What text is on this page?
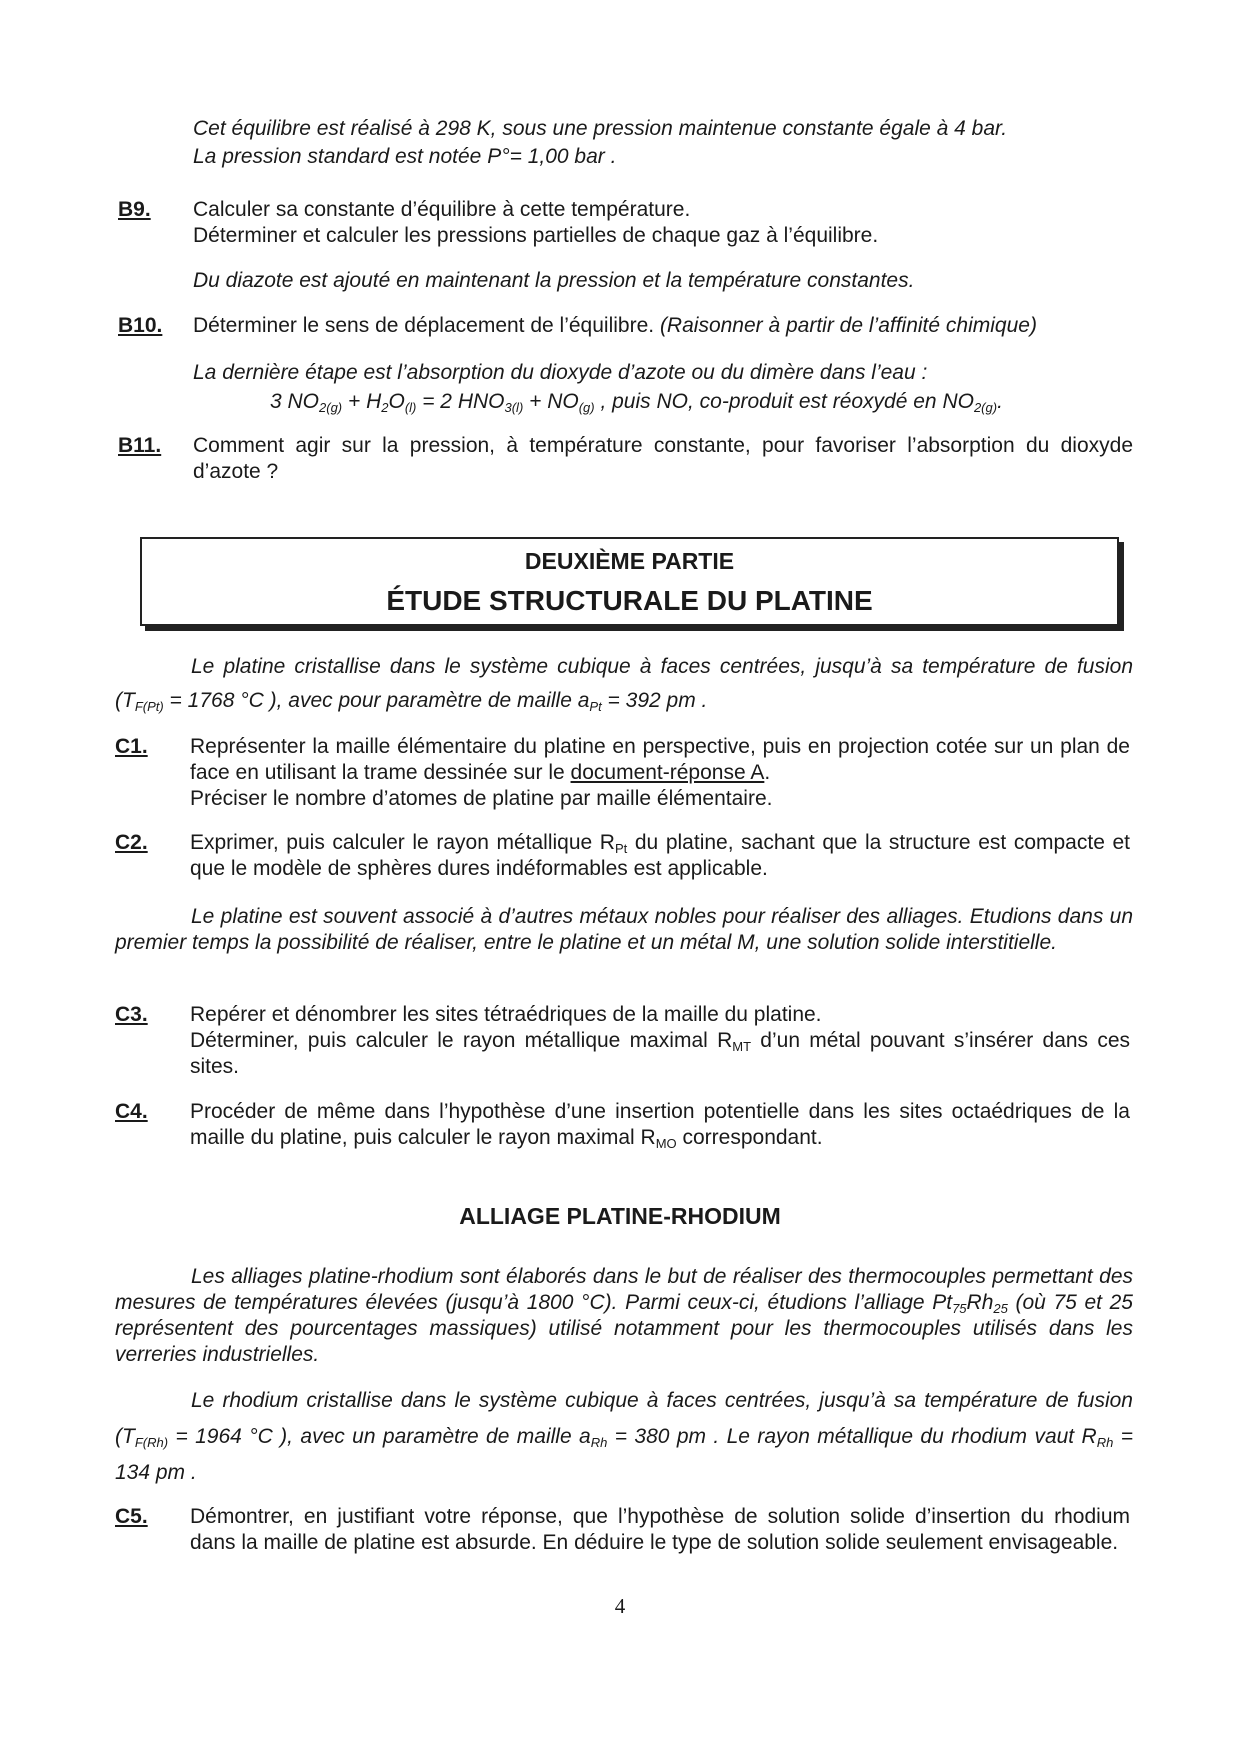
Cet équilibre est réalisé à 298 K, sous une pression maintenue constante égale à 4 bar.
La pression standard est notée P°= 1,00 bar .
B9. Calculer sa constante d’équilibre à cette température.

Déterminer et calculer les pressions partielles de chaque gaz à l’équilibre.

Du diazote est ajouté en maintenant la pression et la température constantes.
B10. Déterminer le sens de déplacement de l’équilibre. (Raisonner à partir de l’affinité chimique)
La dernière étape est l’absorption du dioxyde d’azote ou du dimère dans l’eau :
3 $NO_{2(g)} + H_2O_{(l)} = 2$ $HNO_{3(l)} + NO_{(g)}$ , puis NO, co-produit est réoxydé en $NO_{2(g)}$.
B11. Comment agir sur la pression, à température constante, pour favoriser l’absorption du dioxyde d’azote ?
DEUXIÈME PARTIE
ÉTUDE STRUCTURALE DU PLATINE

Le platine cristallise dans le système cubique à faces centrées, jusqu’à sa température de fusion ($T_{F(Pt)} = 1768$ °C ), avec pour paramètre de maille $a_{Pt} = 392$ pm .

C1. Représenter la maille élémentaire du platine en perspective, puis en projection cotée sur un plan de face en utilisant la trame dessinée sur le document-réponse A.

Préciser le nombre d’atomes de platine par maille élémentaire.

C2. Exprimer, puis calculer le rayon métallique $R_{Pt}$ du platine, sachant que la structure est compacte et que le modèle de sphères dures indéformables est applicable.

Le platine est souvent associé à d’autres métaux nobles pour réaliser des alliages. Etudions dans un premier temps la possibilité de réaliser, entre le platine et un métal M, une solution solide interstitielle.

C3. Repérer et dénombrer les sites tétraédriques de la maille du platine.

Déterminer, puis calculer le rayon métallique maximal $R_{MT}$ d’un métal pouvant s’insérer dans ces sites.

C4. Procéder de même dans l’hypothèse d’une insertion potentielle dans les sites octaédriques de la maille du platine, puis calculer le rayon maximal $R_{MO}$ correspondant.

ALLIAGE PLATINE-RHODIUM

Les alliages platine-rhodium sont élaborés dans le but de réaliser des thermocouples permettant des mesures de températures élevées (jusqu’à 1800 °C). Parmi ceux-ci, étudions l’alliage $Pt_{75}Rh_{25}$ (où 75 et 25 représentent des pourcentages massiques) utilisé notamment pour les thermocouples utilisés dans les verreries industrielles.

Le rhodium cristallise dans le système cubique à faces centrées, jusqu’à sa température de fusion ($T_{F(Rh)} = 1964$ °C ), avec un paramètre de maille $a_{Rh} = 380$ pm . Le rayon métallique du rhodium vaut $R_{Rh} = 134$ pm .

C5. Démontrer, en justifiant votre réponse, que l’hypothèse de solution solide d’insertion du rhodium dans la maille de platine est absurde. En déduire le type de solution solide seulement envisageable.
4
